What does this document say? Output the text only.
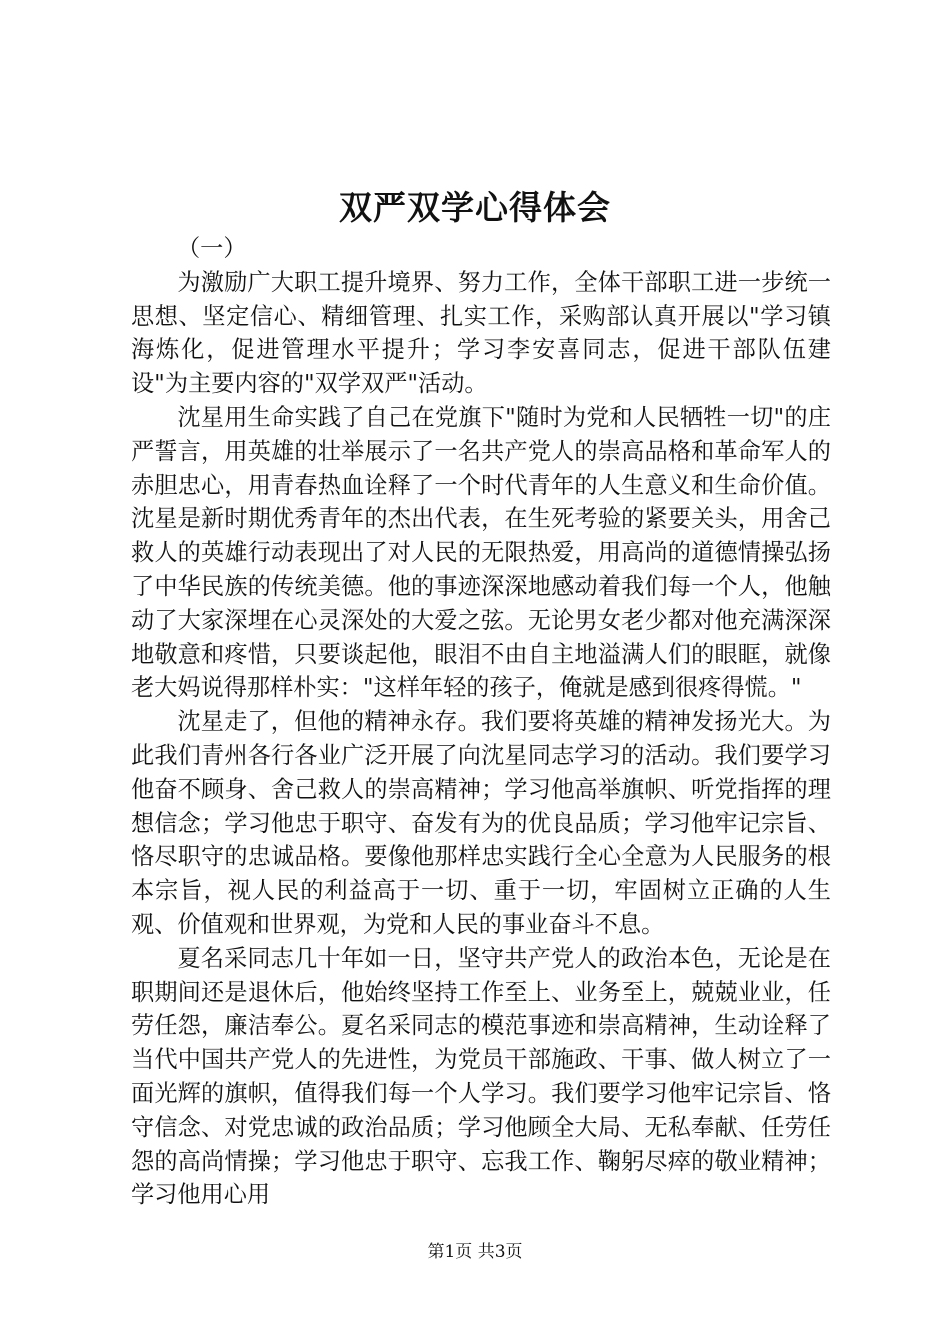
双严双学心得体会
（一）

为激励广大职工提升境界、努力工作，全体干部职工进一步统一思想、坚定信心、精细管理、扎实工作，采购部认真开展以"学习镇海炼化，促进管理水平提升；学习李安喜同志，促进干部队伍建设"为主要内容的"双学双严"活动。

沈星用生命实践了自己在党旗下"随时为党和人民牺牲一切"的庄严誓言，用英雄的壮举展示了一名共产党人的崇高品格和革命军人的赤胆忠心，用青春热血诠释了一个时代青年的人生意义和生命价值。沈星是新时期优秀青年的杰出代表，在生死考验的紧要关头，用舍己救人的英雄行动表现出了对人民的无限热爱，用高尚的道德情操弘扬了中华民族的传统美德。他的事迹深深地感动着我们每一个人，他触动了大家深埋在心灵深处的大爱之弦。无论男女老少都对他充满深深地敬意和疼惜，只要谈起他，眼泪不由自主地溢满人们的眼眶，就像老大妈说得那样朴实："这样年轻的孩子，俺就是感到很疼得慌。"

沈星走了，但他的精神永存。我们要将英雄的精神发扬光大。为此我们青州各行各业广泛开展了向沈星同志学习的活动。我们要学习他奋不顾身、舍己救人的崇高精神；学习他高举旗帜、听党指挥的理想信念；学习他忠于职守、奋发有为的优良品质；学习他牢记宗旨、恪尽职守的忠诚品格。要像他那样忠实践行全心全意为人民服务的根本宗旨，视人民的利益高于一切、重于一切，牢固树立正确的人生观、价值观和世界观，为党和人民的事业奋斗不息。

夏名采同志几十年如一日，坚守共产党人的政治本色，无论是在职期间还是退休后，他始终坚持工作至上、业务至上，兢兢业业，任劳任怨，廉洁奉公。夏名采同志的模范事迹和崇高精神，生动诠释了当代中国共产党人的先进性，为党员干部施政、干事、做人树立了一面光辉的旗帜，值得我们每一个人学习。我们要学习他牢记宗旨、恪守信念、对党忠诚的政治品质；学习他顾全大局、无私奉献、任劳任怨的高尚情操；学习他忠于职守、忘我工作、鞠躬尽瘁的敬业精神；学习他用心用

第1页 共3页
